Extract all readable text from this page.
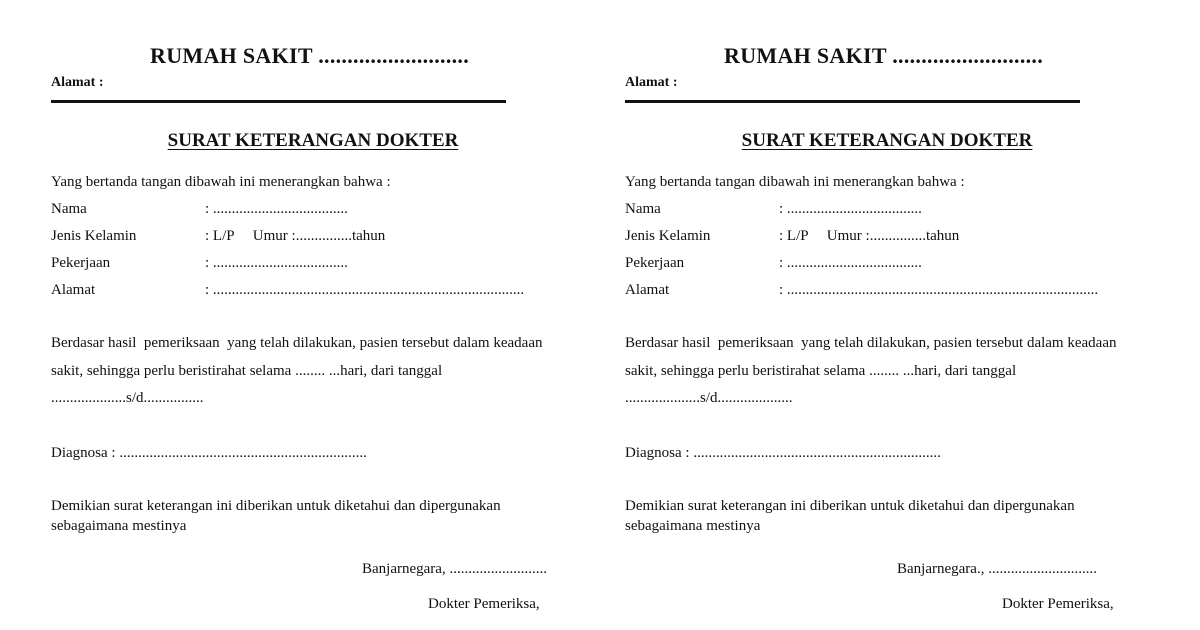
RUMAH SAKIT ..........................
Alamat :
SURAT KETERANGAN DOKTER
Yang bertanda tangan dibawah ini menerangkan bahwa :
Nama	: ....................................
Jenis Kelamin	: L/P     Umur :...............tahun
Pekerjaan	: ....................................
Alamat	: ...................................................................................
Berdasar hasil  pemeriksaan  yang telah dilakukan, pasien tersebut dalam keadaan
sakit, sehingga perlu beristirahat selama ........ ...hari, dari tanggal
....................s/d................
Diagnosa : ..................................................................
Demikian surat keterangan ini diberikan untuk diketahui dan dipergunakan
sebagaimana mestinya
Banjarnegara, ..........................
Dokter Pemeriksa,
RUMAH SAKIT ..........................
Alamat :
SURAT KETERANGAN DOKTER
Yang bertanda tangan dibawah ini menerangkan bahwa :
Nama	: ....................................
Jenis Kelamin	: L/P     Umur :...............tahun
Pekerjaan	: ....................................
Alamat	: ...................................................................................
Berdasar hasil  pemeriksaan  yang telah dilakukan, pasien tersebut dalam keadaan
sakit, sehingga perlu beristirahat selama ........ ...hari, dari tanggal
....................s/d....................
Diagnosa : ..................................................................
Demikian surat keterangan ini diberikan untuk diketahui dan dipergunakan
sebagaimana mestinya
Banjarnegara., .............................
Dokter Pemeriksa,
